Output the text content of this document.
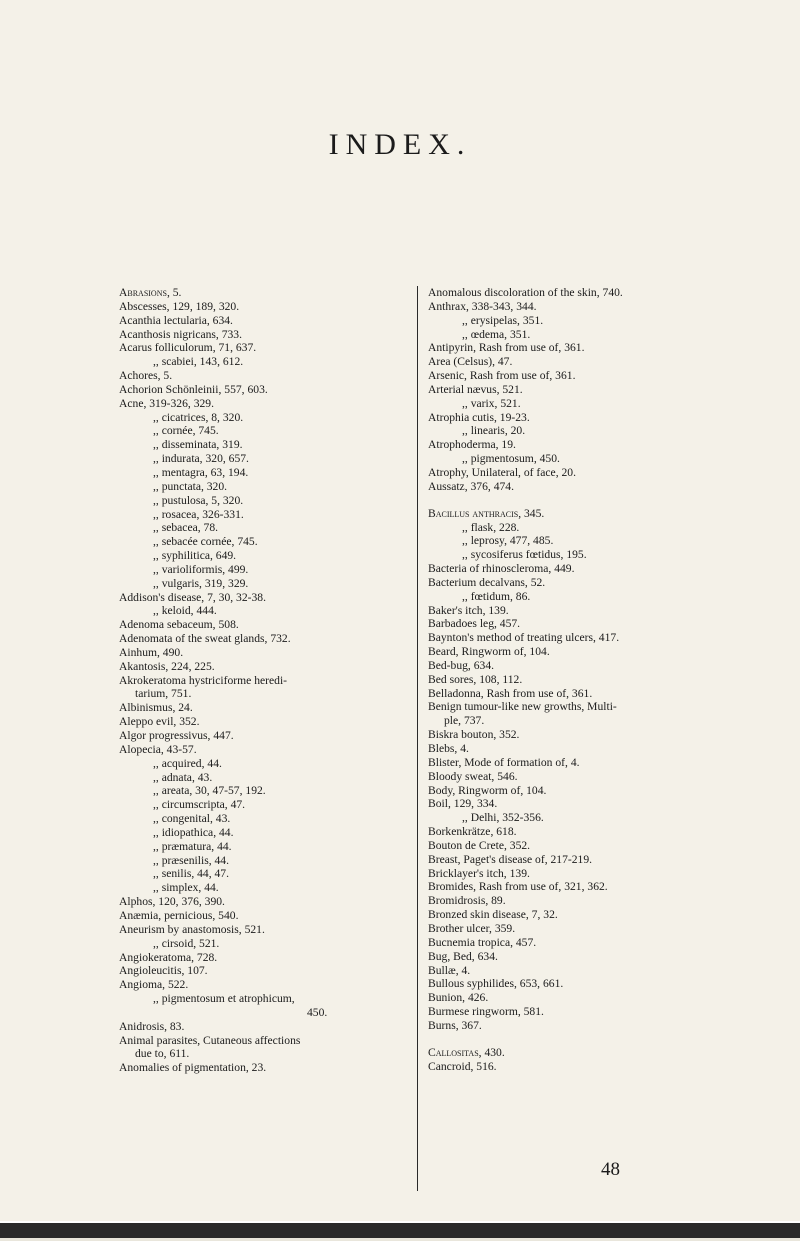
INDEX.
Abrasions, 5.
Abscesses, 129, 189, 320.
Acanthia lectularia, 634.
Acanthosis nigricans, 733.
Acarus folliculorum, 71, 637.
,, scabiei, 143, 612.
Achores, 5.
Achorion Schönleinii, 557, 603.
Acne, 319-326, 329.
,, cicatrices, 8, 320.
,, cornée, 745.
,, disseminata, 319.
,, indurata, 320, 657.
,, mentagra, 63, 194.
,, punctata, 320.
,, pustulosa, 5, 320.
,, rosacea, 326-331.
,, sebacea, 78.
,, sebacée cornée, 745.
,, syphilitica, 649.
,, varioliformis, 499.
,, vulgaris, 319, 329.
Addison's disease, 7, 30, 32-38.
,, keloid, 444.
Adenoma sebaceum, 508.
Adenomata of the sweat glands, 732.
Ainhum, 490.
Akantosis, 224, 225.
Akrokeratoma hystriciforme heredi-
tarium, 751.
Albinismus, 24.
Aleppo evil, 352.
Algor progressivus, 447.
Alopecia, 43-57.
,, acquired, 44.
,, adnata, 43.
,, areata, 30, 47-57, 192.
,, circumscripta, 47.
,, congenital, 43.
,, idiopathica, 44.
,, præmatura, 44.
,, præsenilis, 44.
,, senilis, 44, 47.
,, simplex, 44.
Alphos, 120, 376, 390.
Anæmia, pernicious, 540.
Aneurism by anastomosis, 521.
,, cirsoid, 521.
Angiokeratoma, 728.
Angioleucitis, 107.
Angioma, 522.
,, pigmentosum et atrophicum,
450.
Anidrosis, 83.
Animal parasites, Cutaneous affections
due to, 611.
Anomalies of pigmentation, 23.
Anomalous discoloration of the skin, 740.
Anthrax, 338-343, 344.
,, erysipelas, 351.
,, œdema, 351.
Antipyrin, Rash from use of, 361.
Area (Celsus), 47.
Arsenic, Rash from use of, 361.
Arterial nævus, 521.
,, varix, 521.
Atrophia cutis, 19-23.
,, linearis, 20.
Atrophoderma, 19.
,, pigmentosum, 450.
Atrophy, Unilateral, of face, 20.
Aussatz, 376, 474.
Bacillus anthracis, 345.
,, flask, 228.
,, leprosy, 477, 485.
,, sycosiferus fœtidus, 195.
Bacteria of rhinoscleroma, 449.
Bacterium decalvans, 52.
,, fœtidum, 86.
Baker's itch, 139.
Barbadoes leg, 457.
Baynton's method of treating ulcers, 417.
Beard, Ringworm of, 104.
Bed-bug, 634.
Bed sores, 108, 112.
Belladonna, Rash from use of, 361.
Benign tumour-like new growths, Multi-
ple, 737.
Biskra bouton, 352.
Blebs, 4.
Blister, Mode of formation of, 4.
Bloody sweat, 546.
Body, Ringworm of, 104.
Boil, 129, 334.
,, Delhi, 352-356.
Borkenkrätze, 618.
Bouton de Crete, 352.
Breast, Paget's disease of, 217-219.
Bricklayer's itch, 139.
Bromides, Rash from use of, 321, 362.
Bromidrosis, 89.
Bronzed skin disease, 7, 32.
Brother ulcer, 359.
Bucnemia tropica, 457.
Bug, Bed, 634.
Bullæ, 4.
Bullous syphilides, 653, 661.
Bunion, 426.
Burmese ringworm, 581.
Burns, 367.
Callositas, 430.
Cancroid, 516.
48
